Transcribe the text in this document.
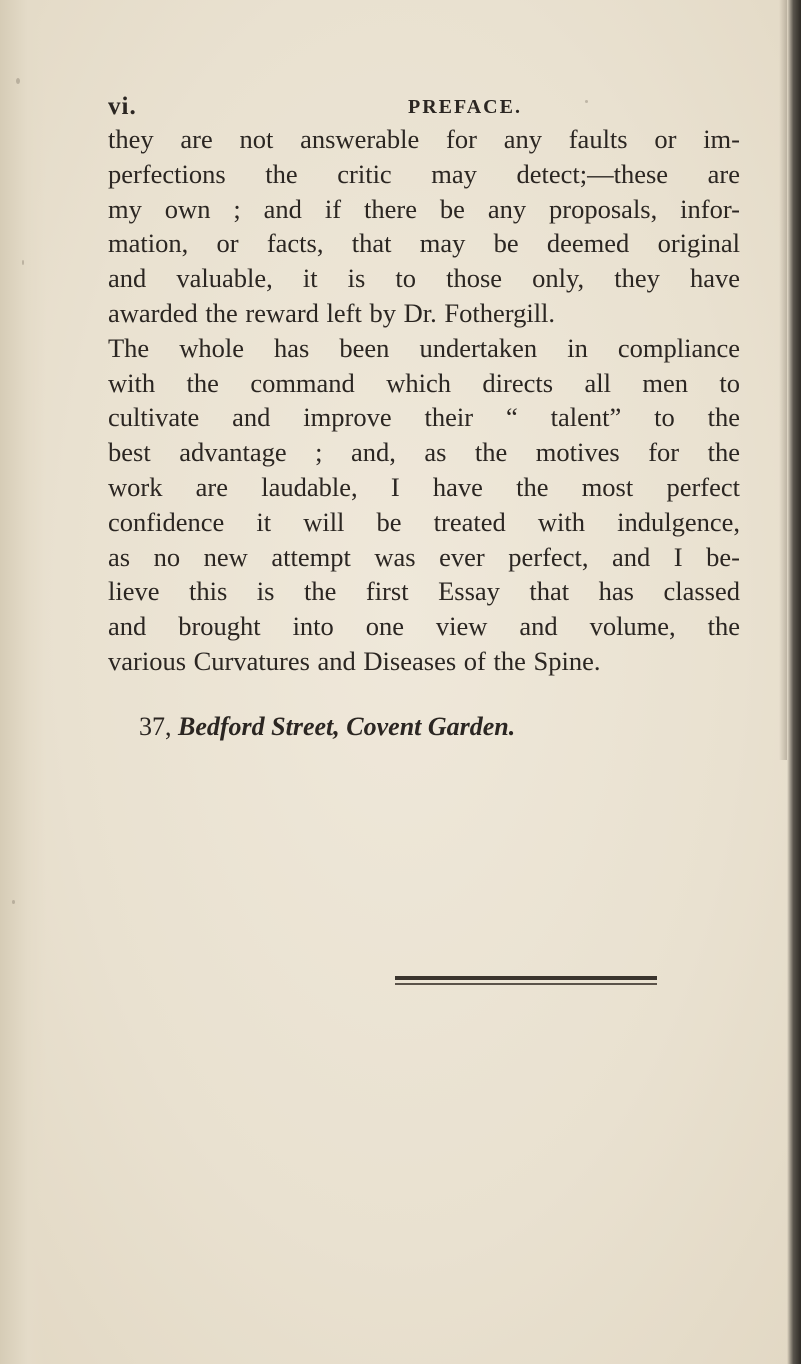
vi.	PREFACE.
they are not answerable for any faults or im-
perfections the critic may detect;—these are
my own ; and if there be any proposals, infor-
mation, or facts, that may be deemed original
and valuable, it is to those only, they have
awarded the reward left by Dr. Fothergill.
The whole has been undertaken in compliance
with the command which directs all men to
cultivate and improve their “ talent” to the
best advantage ; and, as the motives for the
work are laudable, I have the most perfect
confidence it will be treated with indulgence,
as no new attempt was ever perfect, and I be-
lieve this is the first Essay that has classed
and brought into one view and volume, the
various Curvatures and Diseases of the Spine.
37, Bedford Street, Covent Garden.
